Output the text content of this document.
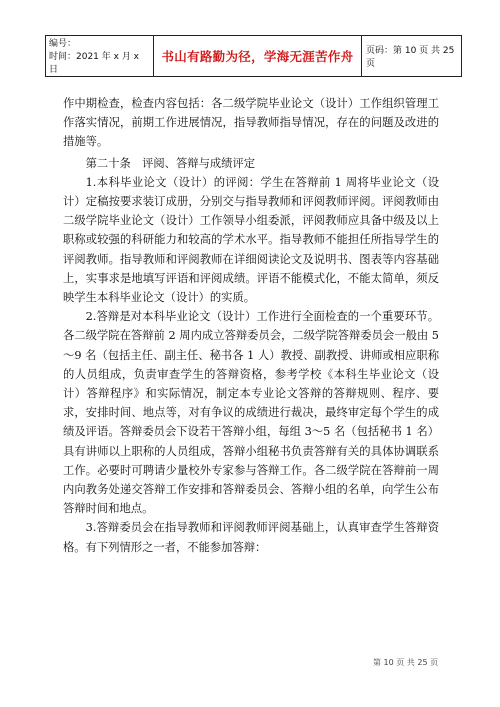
编号：
时间：2021 年 x 月 x 日
书山有路勤为径，学海无涯苦作舟 页码：第 10 页 共 25 页

作中期检查，检查内容包括：各二级学院毕业论文（设计）工作组织管理工作落实情况，前期工作进展情况，指导教师指导情况，存在的问题及改进的措施等。

第二十条　评阅、答辩与成绩评定

1.本科毕业论文（设计）的评阅：学生在答辩前 1 周将毕业论文（设计）定稿按要求装订成册，分别交与指导教师和评阅教师评阅。评阅教师由二级学院毕业论文（设计）工作领导小组委派，评阅教师应具备中级及以上职称或较强的科研能力和较高的学术水平。指导教师不能担任所指导学生的评阅教师。指导教师和评阅教师在详细阅读论文及说明书、图表等内容基础上，实事求是地填写评语和评阅成绩。评语不能模式化，不能太简单，须反映学生本科毕业论文（设计）的实质。

2.答辩是对本科毕业论文（设计）工作进行全面检查的一个重要环节。各二级学院在答辩前 2 周内成立答辩委员会，二级学院答辩委员会一般由 5～9 名（包括主任、副主任、秘书各 1 人）教授、副教授、讲师或相应职称的人员组成，负责审查学生的答辩资格，参考学校《本科生毕业论文（设计）答辩程序》和实际情况，制定本专业论文答辩的答辩规则、程序、要求，安排时间、地点等，对有争议的成绩进行裁决，最终审定每个学生的成绩及评语。答辩委员会下设若干答辩小组，每组 3～5 名（包括秘书 1 名）具有讲师以上职称的人员组成，答辩小组秘书负责答辩有关的具体协调联系工作。必要时可聘请少量校外专家参与答辩工作。各二级学院在答辩前一周内向教务处递交答辩工作安排和答辩委员会、答辩小组的名单，向学生公布答辩时间和地点。

3.答辩委员会在指导教师和评阅教师评阅基础上，认真审查学生答辩资格。有下列情形之一者，不能参加答辩：

第 10 页 共 25 页
